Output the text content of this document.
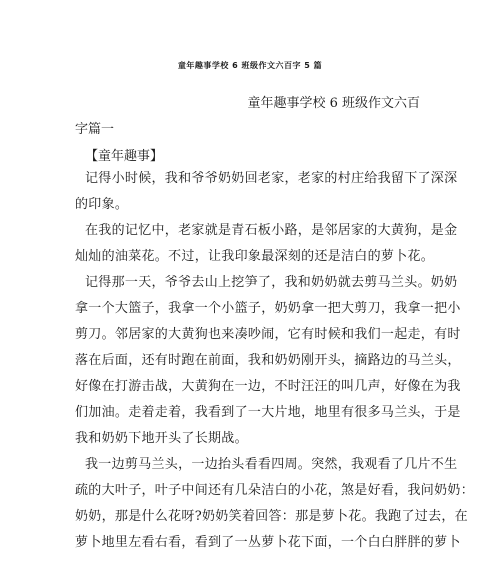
童年趣事学校 6 班级作文六百字 5 篇
童年趣事学校 6 班级作文六百
字篇一
【童年趣事】
记得小时候，我和爷爷奶奶回老家，老家的村庄给我留下了深深
的印象。
在我的记忆中，老家就是青石板小路，是邻居家的大黄狗，是金
灿灿的油菜花。不过，让我印象最深刻的还是洁白的萝卜花。
记得那一天，爷爷去山上挖笋了，我和奶奶就去剪马兰头。奶奶
拿一个大篮子，我拿一个小篮子，奶奶拿一把大剪刀，我拿一把小
剪刀。邻居家的大黄狗也来凑吵闹，它有时候和我们一起走，有时
落在后面，还有时跑在前面，我和奶奶刚开头，摘路边的马兰头，
好像在打游击战，大黄狗在一边，不时汪汪的叫几声，好像在为我
们加油。走着走着，我看到了一大片地，地里有很多马兰头，于是
我和奶奶下地开头了长期战。
我一边剪马兰头，一边抬头看看四周。突然，我观看了几片不生
疏的大叶子，叶子中间还有几朵洁白的小花，煞是好看，我问奶奶：
奶奶，那是什么花呀?奶奶笑着回答：那是萝卜花。我跑了过去，在
萝卜地里左看右看，看到了一丛萝卜花下面，一个白白胖胖的萝卜
